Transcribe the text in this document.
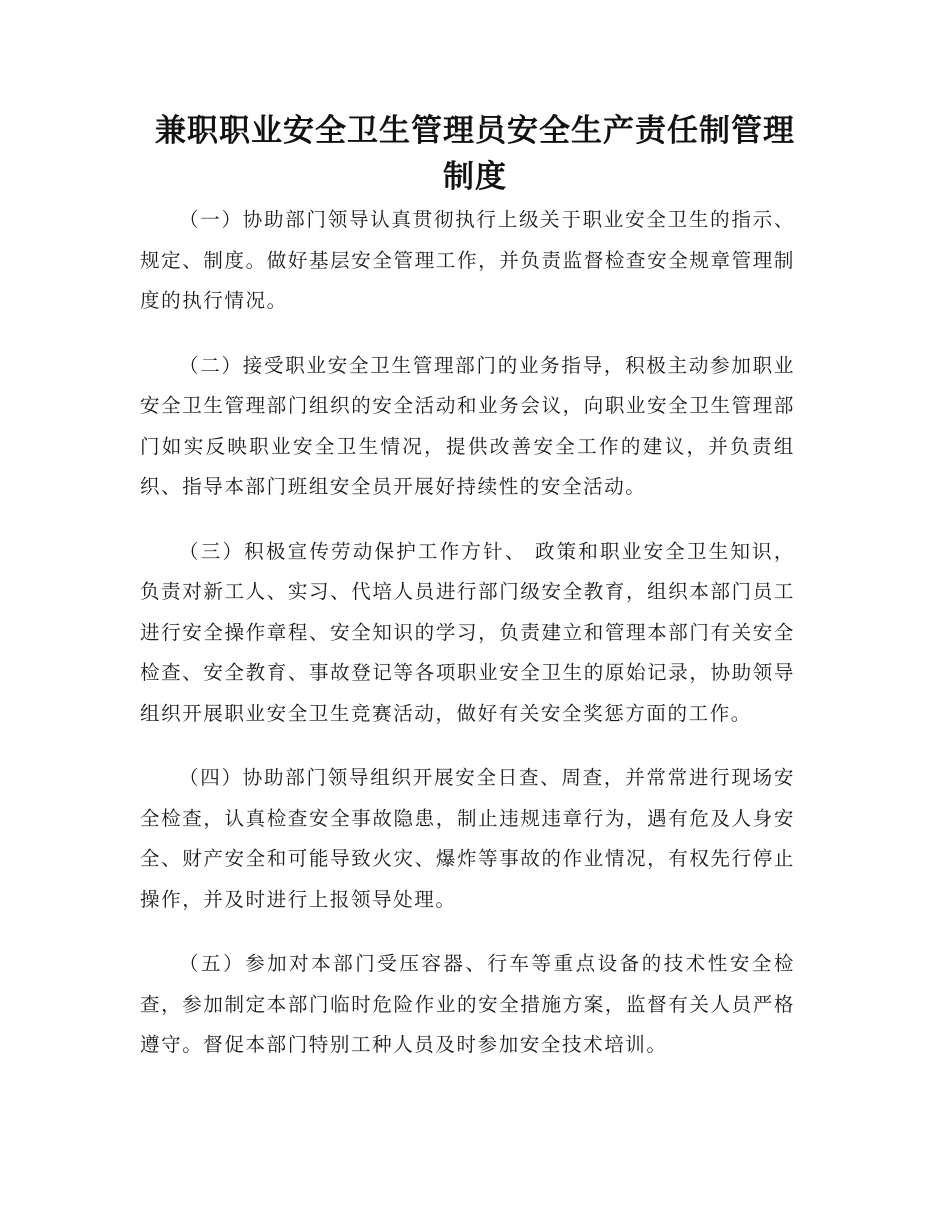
兼职职业安全卫生管理员安全生产责任制管理制度

（一）协助部门领导认真贯彻执行上级关于职业安全卫生的指示、规定、制度。做好基层安全管理工作，并负责监督检查安全规章管理制度的执行情况。

（二）接受职业安全卫生管理部门的业务指导，积极主动参加职业安全卫生管理部门组织的安全活动和业务会议，向职业安全卫生管理部门如实反映职业安全卫生情况，提供改善安全工作的建议，并负责组织、指导本部门班组安全员开展好持续性的安全活动。

（三）积极宣传劳动保护工作方针、 政策和职业安全卫生知识，负责对新工人、实习、代培人员进行部门级安全教育，组织本部门员工进行安全操作章程、安全知识的学习，负责建立和管理本部门有关安全检查、安全教育、事故登记等各项职业安全卫生的原始记录，协助领导组织开展职业安全卫生竞赛活动，做好有关安全奖惩方面的工作。

（四）协助部门领导组织开展安全日查、周查，并常常进行现场安全检查，认真检查安全事故隐患，制止违规违章行为，遇有危及人身安全、财产安全和可能导致火灾、爆炸等事故的作业情况，有权先行停止操作，并及时进行上报领导处理。

（五）参加对本部门受压容器、行车等重点设备的技术性安全检查，参加制定本部门临时危险作业的安全措施方案，监督有关人员严格遵守。督促本部门特别工种人员及时参加安全技术培训。
